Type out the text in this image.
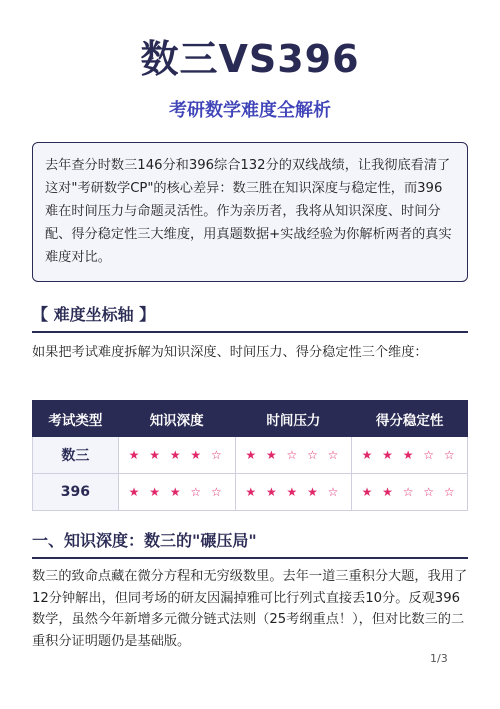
数三VS396
考研数学难度全解析

去年查分时数三146分和396综合132分的双线战绩，让我彻底看清了这对"考研数学CP"的核心差异：数三胜在知识深度与稳定性，而396难在时间压力与命题灵活性。作为亲历者，我将从知识深度、时间分配、得分稳定性三大维度，用真题数据+实战经验为你解析两者的真实难度对比。

【 难度坐标轴 】

如果把考试难度拆解为知识深度、时间压力、得分稳定性三个维度：

考试类型	知识深度	时间压力	得分稳定性
数三	★ ★ ★ ★ ☆	★ ★ ☆ ☆ ☆	★ ★ ★ ☆ ☆
396	★ ★ ★ ☆ ☆	★ ★ ★ ★ ☆	★ ★ ☆ ☆ ☆
一、知识深度：数三的"碾压局"

数三的致命点藏在微分方程和无穷级数里。去年一道三重积分大题，我用了12分钟解出，但同考场的研友因漏掉雅可比行列式直接丢10分。反观396数学，虽然今年新增多元微分链式法则（25考纲重点！），但对比数三的二重积分证明题仍是基础版。

1/3
